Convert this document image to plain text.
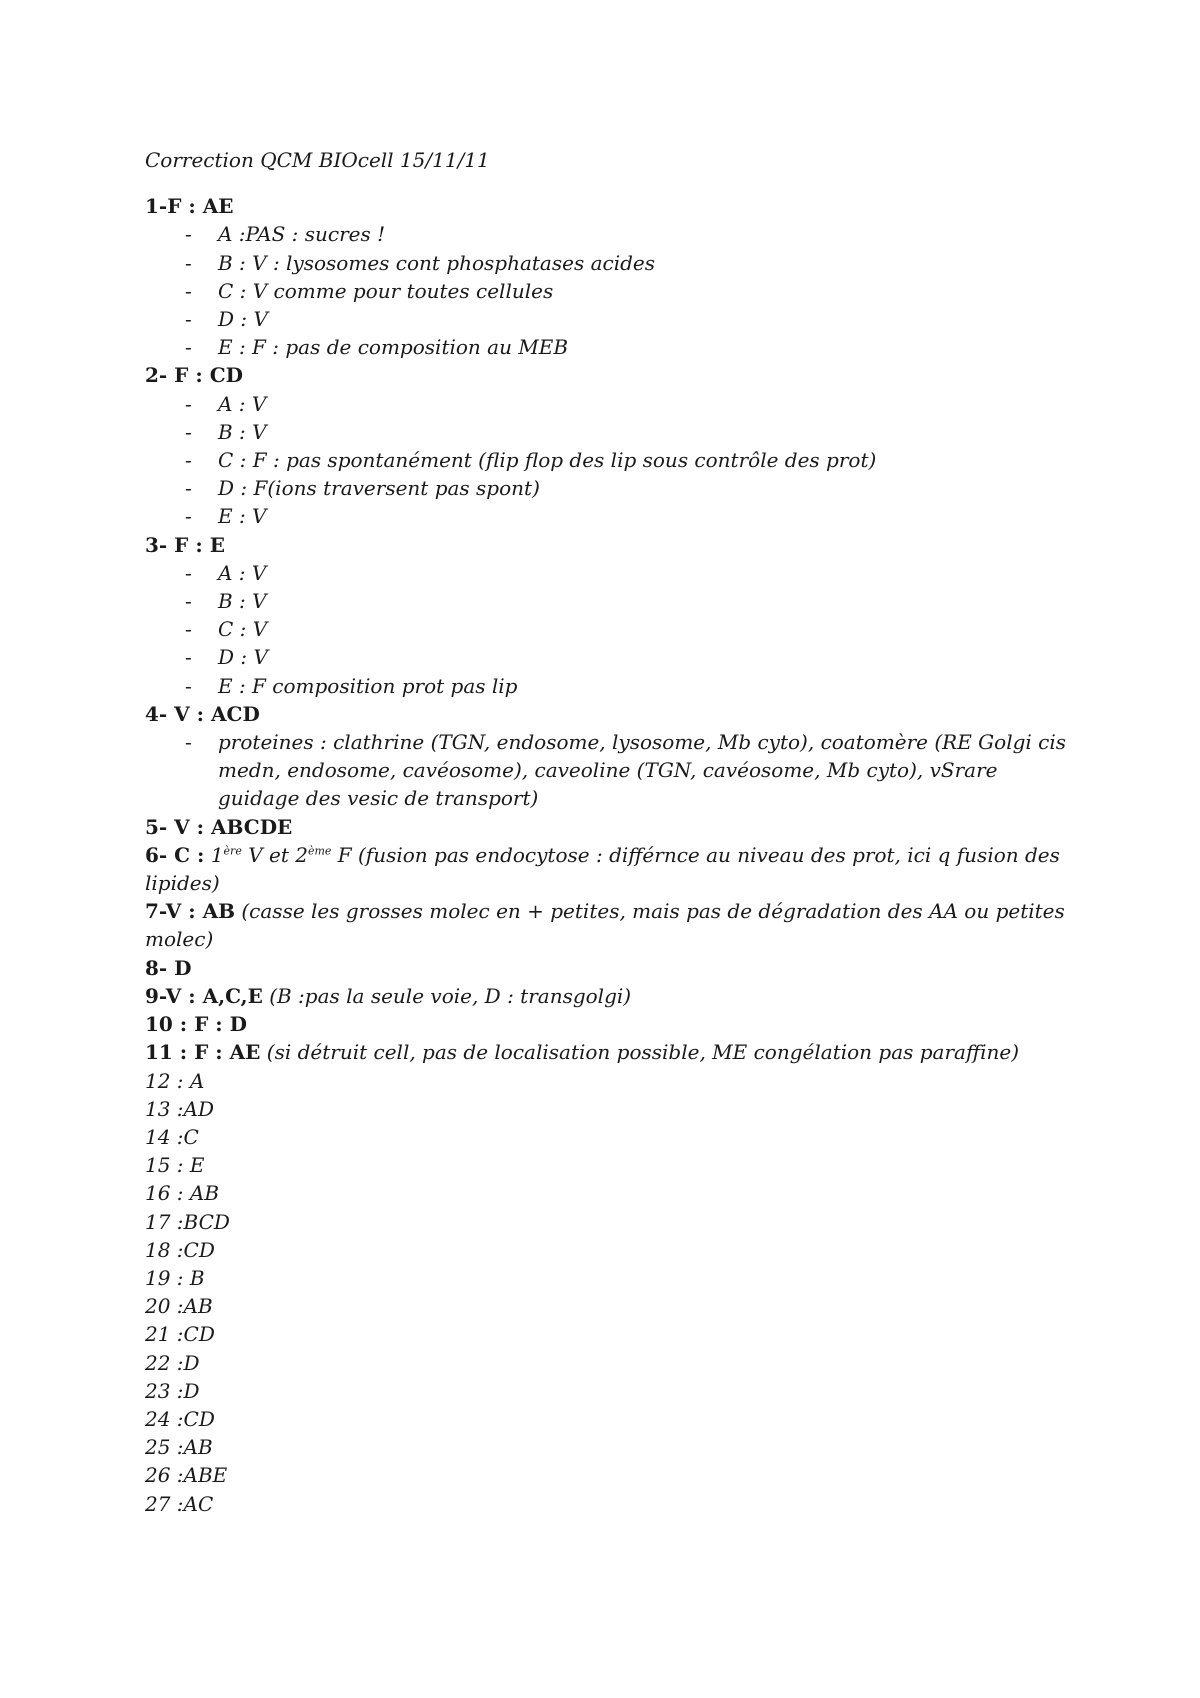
Correction QCM BIOcell 15/11/11
1-F : AE
-	A :PAS : sucres !
-	B : V : lysosomes cont phosphatases acides
-	C : V comme pour toutes cellules
-	D : V
-	E : F : pas de composition au MEB
2- F : CD
-	A : V
-	B : V
-	C : F : pas spontanément (flip flop des lip sous contrôle des prot)
-	D : F(ions traversent pas spont)
-	E : V
3- F : E
-	A : V
-	B : V
-	C : V
-	D : V
-	E : F composition prot pas lip
4- V : ACD
-	proteines : clathrine (TGN, endosome, lysosome, Mb cyto), coatomère (RE Golgi cis medn, endosome, cavéosome), caveoline (TGN, cavéosome, Mb cyto), vSrare guidage des vesic de transport)
5- V : ABCDE
6- C : 1ère V et 2ème F (fusion pas endocytose : différnce au niveau des prot, ici q fusion des lipides)
7-V : AB (casse les grosses molec en + petites, mais pas de dégradation des AA ou petites molec)
8- D
9-V : A,C,E (B :pas la seule voie, D : transgolgi)
10 : F : D
11 : F : AE (si détruit cell, pas de localisation possible, ME congélation pas paraffine)
12 : A
13 :AD
14 :C
15 : E
16 : AB
17 :BCD
18 :CD
19 : B
20 :AB
21 :CD
22 :D
23 :D
24 :CD
25 :AB
26 :ABE
27 :AC
